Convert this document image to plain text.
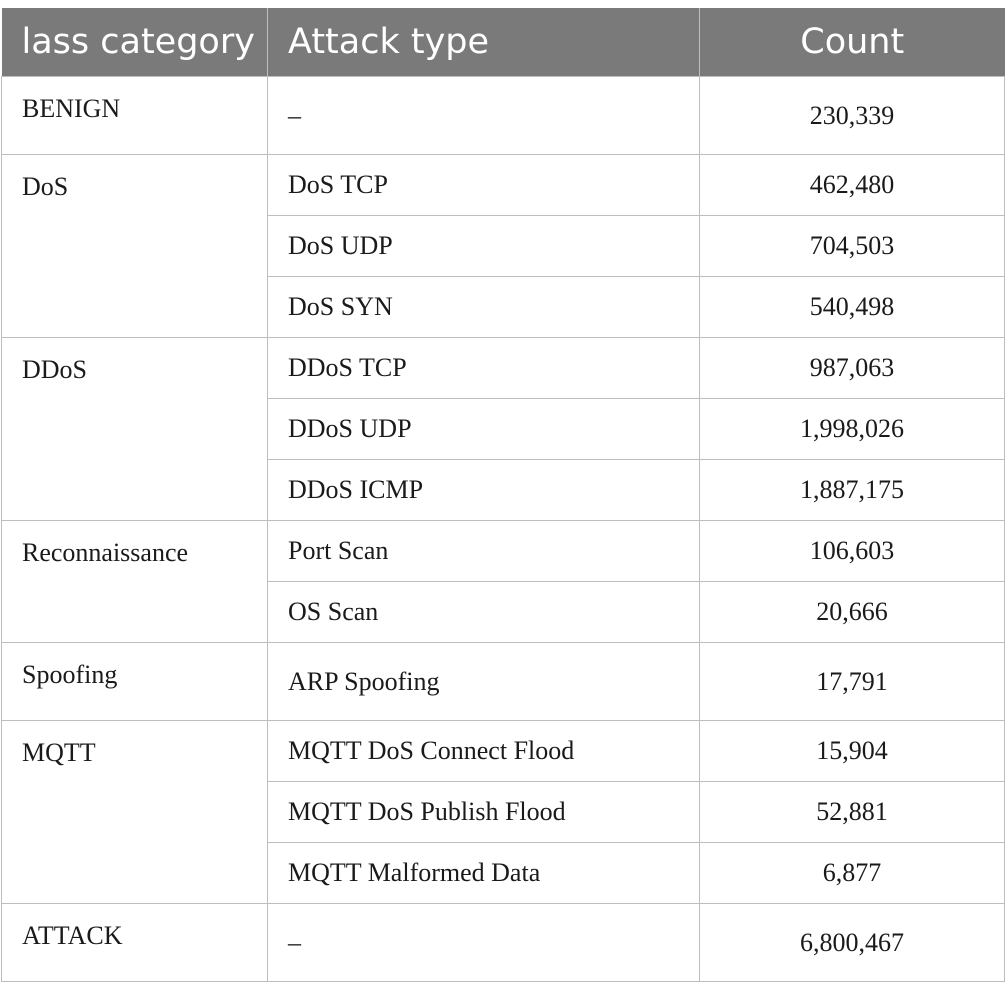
lass category	Attack type	Count
BENIGN	–	230,339
DoS	DoS TCP	462,480
	DoS UDP	704,503
	DoS SYN	540,498
DDoS	DDoS TCP	987,063
	DDoS UDP	1,998,026
	DDoS ICMP	1,887,175
Reconnaissance	Port Scan	106,603
	OS Scan	20,666
Spoofing	ARP Spoofing	17,791
MQTT	MQTT DoS Connect Flood	15,904
	MQTT DoS Publish Flood	52,881
	MQTT Malformed Data	6,877
ATTACK	–	6,800,467
